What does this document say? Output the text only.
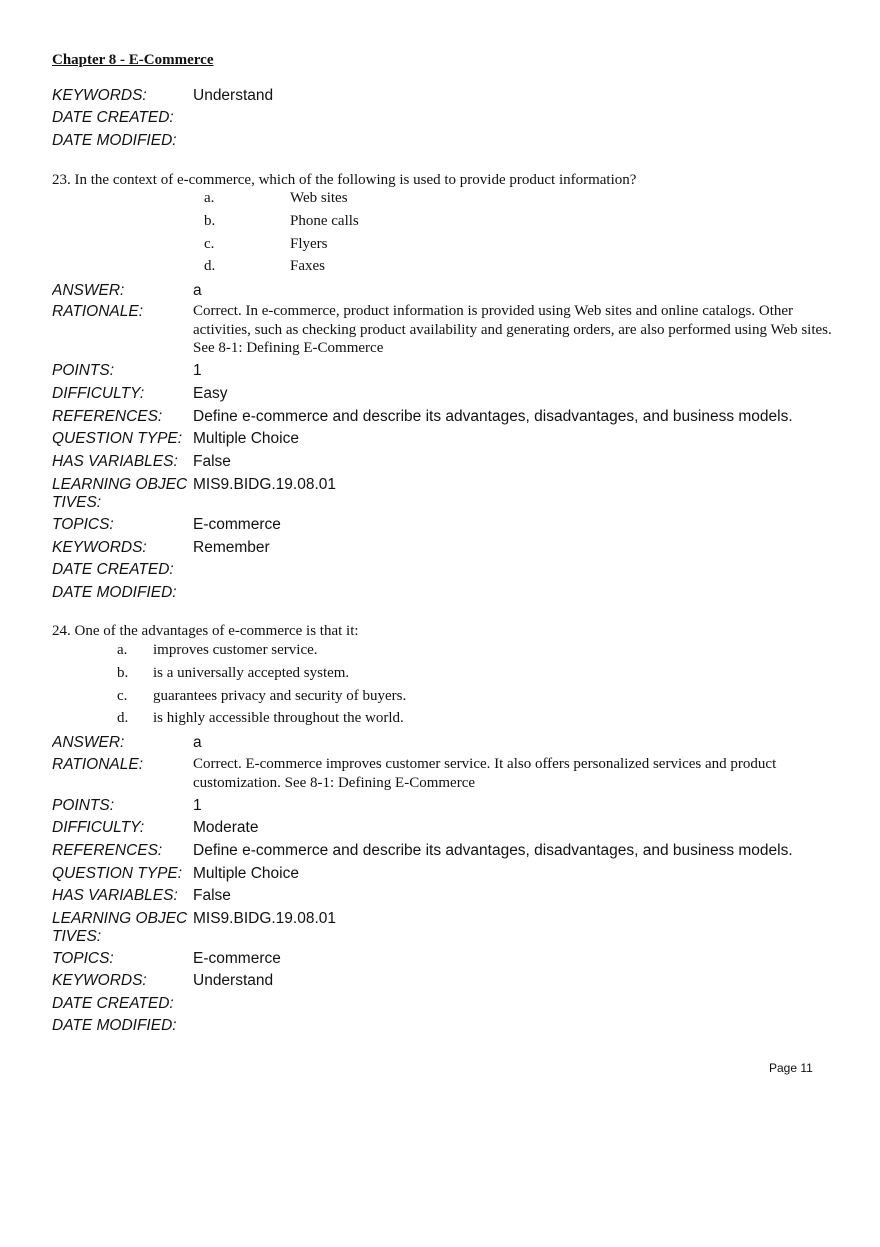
Chapter 8 - E-Commerce
KEYWORDS:	Understand
DATE CREATED:
DATE MODIFIED:
23. In the context of e-commerce, which of the following is used to provide product information?
a.	Web sites
b.	Phone calls
c.	Flyers
d.	Faxes
ANSWER:	a
RATIONALE:	Correct. In e-commerce, product information is provided using Web sites and online catalogs. Other activities, such as checking product availability and generating orders, are also performed using Web sites. See 8-1: Defining E-Commerce
POINTS:	1
DIFFICULTY:	Easy
REFERENCES:	Define e-commerce and describe its advantages, disadvantages, and business models.
QUESTION TYPE: Multiple Choice
HAS VARIABLES: False
LEARNING OBJEC
TIVES:
MIS9.BIDG.19.08.01
TOPICS:	E-commerce
KEYWORDS:	Remember
DATE CREATED:
DATE MODIFIED:
24. One of the advantages of e-commerce is that it:
a. improves customer service.
b. is a universally accepted system.
c. guarantees privacy and security of buyers.
d. is highly accessible throughout the world.
ANSWER:	a
RATIONALE:	Correct. E-commerce improves customer service. It also offers personalized services and product customization. See 8-1: Defining E-Commerce
POINTS:	1
DIFFICULTY:	Moderate
REFERENCES:	Define e-commerce and describe its advantages, disadvantages, and business models.
QUESTION TYPE: Multiple Choice
HAS VARIABLES: False
LEARNING OBJEC
TIVES:
MIS9.BIDG.19.08.01
TOPICS:	E-commerce
KEYWORDS:	Understand
DATE CREATED:
DATE MODIFIED:
Page 11
